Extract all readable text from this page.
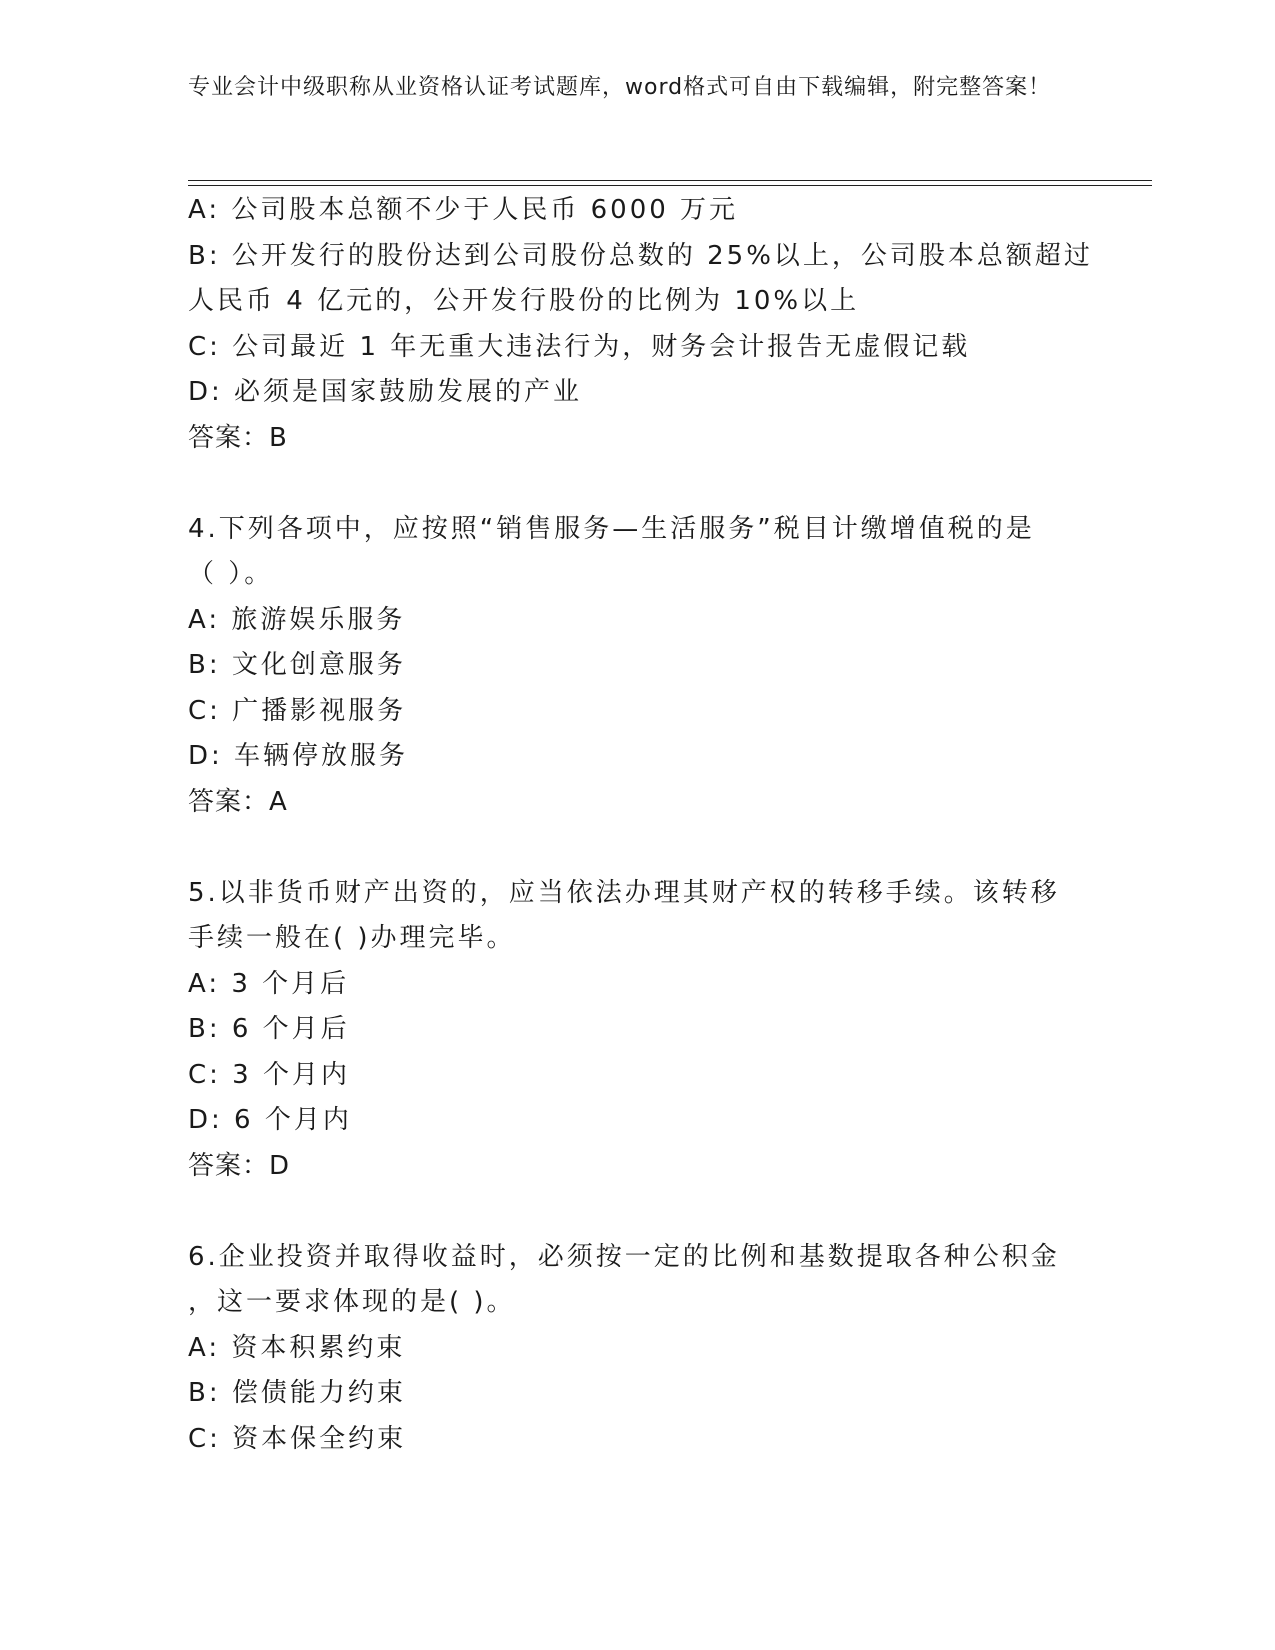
专业会计中级职称从业资格认证考试题库，word格式可自由下载编辑，附完整答案！
A: 公司股本总额不少于人民币 6000 万元
B: 公开发行的股份达到公司股份总数的 25%以上，公司股本总额超过
人民币 4 亿元的，公开发行股份的比例为 10%以上
C: 公司最近 1 年无重大违法行为，财务会计报告无虚假记载
D: 必须是国家鼓励发展的产业
答案：B
4.下列各项中，应按照“销售服务—生活服务”税目计缴增值税的是
（ ）。
A: 旅游娱乐服务
B: 文化创意服务
C: 广播影视服务
D: 车辆停放服务
答案：A
5.以非货币财产出资的，应当依法办理其财产权的转移手续。该转移
手续一般在( )办理完毕。
A: 3 个月后
B: 6 个月后
C: 3 个月内
D: 6 个月内
答案：D
6.企业投资并取得收益时，必须按一定的比例和基数提取各种公积金
，这一要求体现的是( )。
A: 资本积累约束
B: 偿债能力约束
C: 资本保全约束
